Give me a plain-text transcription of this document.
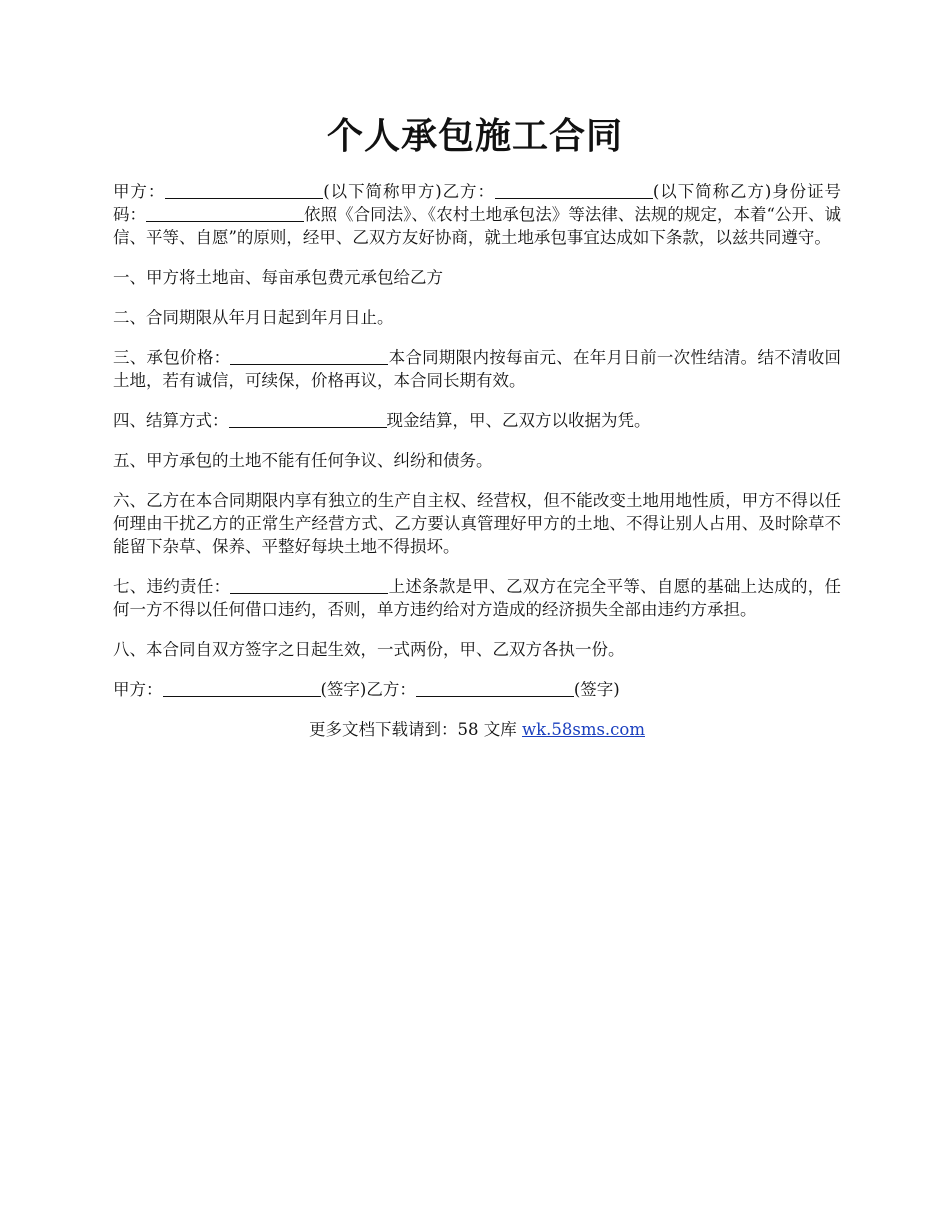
个人承包施工合同

甲方：	(以下简称甲方)乙方：	(以下简称乙方)身份证号码：	依照《合同法》、《农村土地承包法》等法律、法规的规定，本着“公开、诚信、平等、自愿”的原则，经甲、乙双方友好协商，就土地承包事宜达成如下条款，以兹共同遵守。

一、甲方将土地亩、每亩承包费元承包给乙方

二、合同期限从年月日起到年月日止。

三、承包价格：	本合同期限内按每亩元、在年月日前一次性结清。结不清收回土地，若有诚信，可续保，价格再议，本合同长期有效。

四、结算方式：	现金结算，甲、乙双方以收据为凭。

五、甲方承包的土地不能有任何争议、纠纷和债务。

六、乙方在本合同期限内享有独立的生产自主权、经营权，但不能改变土地用地性质，甲方不得以任何理由干扰乙方的正常生产经营方式、乙方要认真管理好甲方的土地、不得让别人占用、及时除草不能留下杂草、保养、平整好每块土地不得损坏。

七、违约责任：	上述条款是甲、乙双方在完全平等、自愿的基础上达成的，任何一方不得以任何借口违约，否则，单方违约给对方造成的经济损失全部由违约方承担。

八、本合同自双方签字之日起生效，一式两份，甲、乙双方各执一份。

甲方：	(签字)乙方：	(签字)

更多文档下载请到：58 文库 wk.58sms.com
